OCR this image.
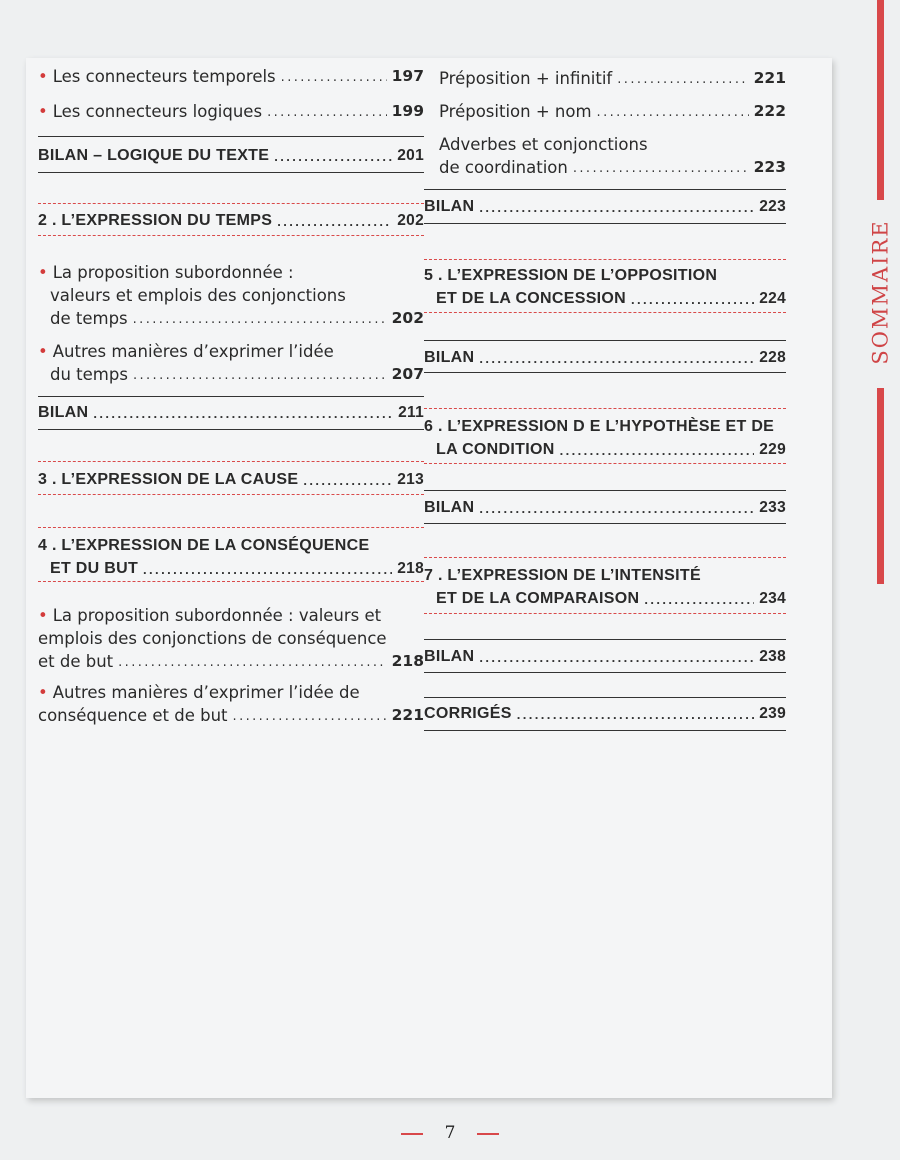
SOMMAIRE
• Les connecteurs temporels .....	197
• Les connecteurs logiques .....	199
BILAN – LOGIQUE DU TEXTE .....	201
2 . L’EXPRESSION DU TEMPS .....	202
• La proposition subordonnée :
valeurs et emplois des conjonctions
de temps .....	202
• Autres manières d’exprimer l’idée
du temps .....	207
BILAN .....	211
3 . L’EXPRESSION DE LA CAUSE .....	213
4 . L’EXPRESSION DE LA CONSÉQUENCE
ET DU BUT .....	218
• La proposition subordonnée : valeurs et
emplois des conjonctions de conséquence
et de but .....	218
• Autres manières d’exprimer l’idée de
conséquence et de but .....	221
Préposition + infinitif .....	221
Préposition + nom .....	222
Adverbes et conjonctions
de coordination .....	223
BILAN .....	223
5 . L’EXPRESSION DE L’OPPOSITION
ET DE LA CONCESSION .....	224
BILAN .....	228
6 . L’EXPRESSION D E L’HYPOTHÈSE ET DE
LA CONDITION .....	229
BILAN .....	233
7 . L’EXPRESSION DE L’INTENSITÉ
ET DE LA COMPARAISON .....	234
BILAN .....	238
CORRIGÉS .....	239
7
